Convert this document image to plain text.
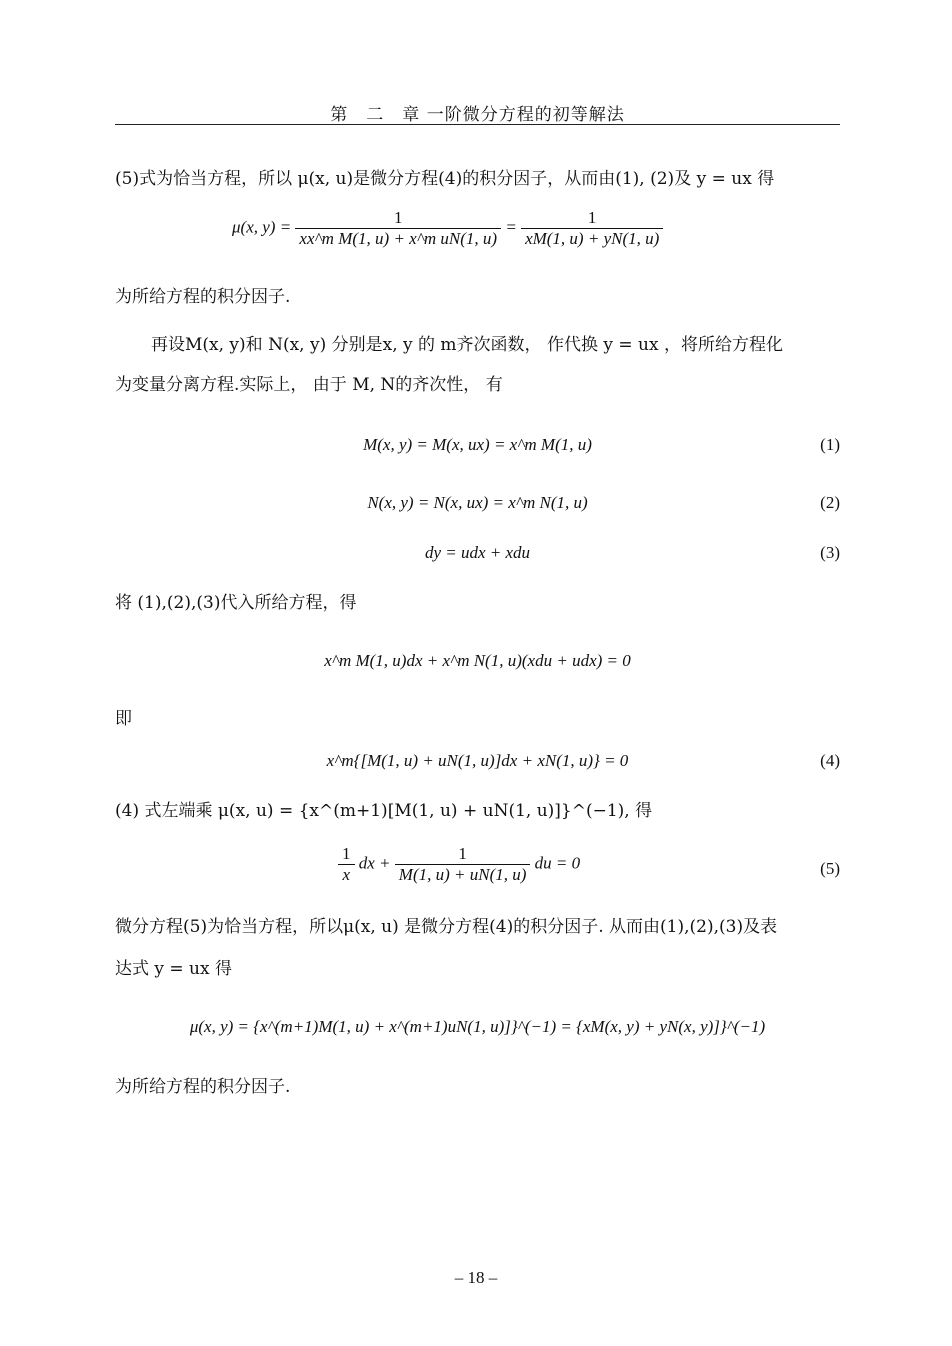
第　二　章 一阶微分方程的初等解法
(5)式为恰当方程，所以 μ(x, u)是微分方程(4)的积分因子，从而由(1), (2)及 y = ux 得
μ(x, $y) = \frac{1}{\text{xx\textasciicircum{}m M(1, u) + x\textasciicircum{}m uN(1, u)}} = \frac{1}{xM(1, u) + yN(1, u)}$
为所给方程的积分因子.
再设M(x, y)和 N(x, y) 分别是x, y 的 m齐次函数， 作代换 y = ux ，将所给方程化
为变量分离方程.实际上， 由于 M, N的齐次性， 有
M(x, y) = M(x, ux) = x^m M(1, u)	(1)
N(x, y) = N(x, ux) = x^m N(1, u)	(2)
dy = udx + xdu	(3)
将 (1),(2),(3)代入所给方程，得
x^m M(1, u)dx + x^m N(1, u)(xdu + udx) = 0
即
x^m{[M(1, u) + uN(1, u)]dx + xN(1, u)} = 0	(4)
(4) 式左端乘 μ(x, u) = {x^(m+1)[M(1, u) + uN(1, u)]}^(−1), 得
$\frac{1}{x}$ dx + $\frac{1}{M(1, u) + uN(1, u)}$ du = 0	(5)
微分方程(5)为恰当方程，所以μ(x, u) 是微分方程(4)的积分因子. 从而由(1),(2),(3)及表
达式 y = ux 得
μ(x, y) = {x^(m+1)M(1, u) + x^(m+1)uN(1, u)]}^(−1) = {xM(x, y) + yN(x, y)]}^(−1)
为所给方程的积分因子.
– 18 –
